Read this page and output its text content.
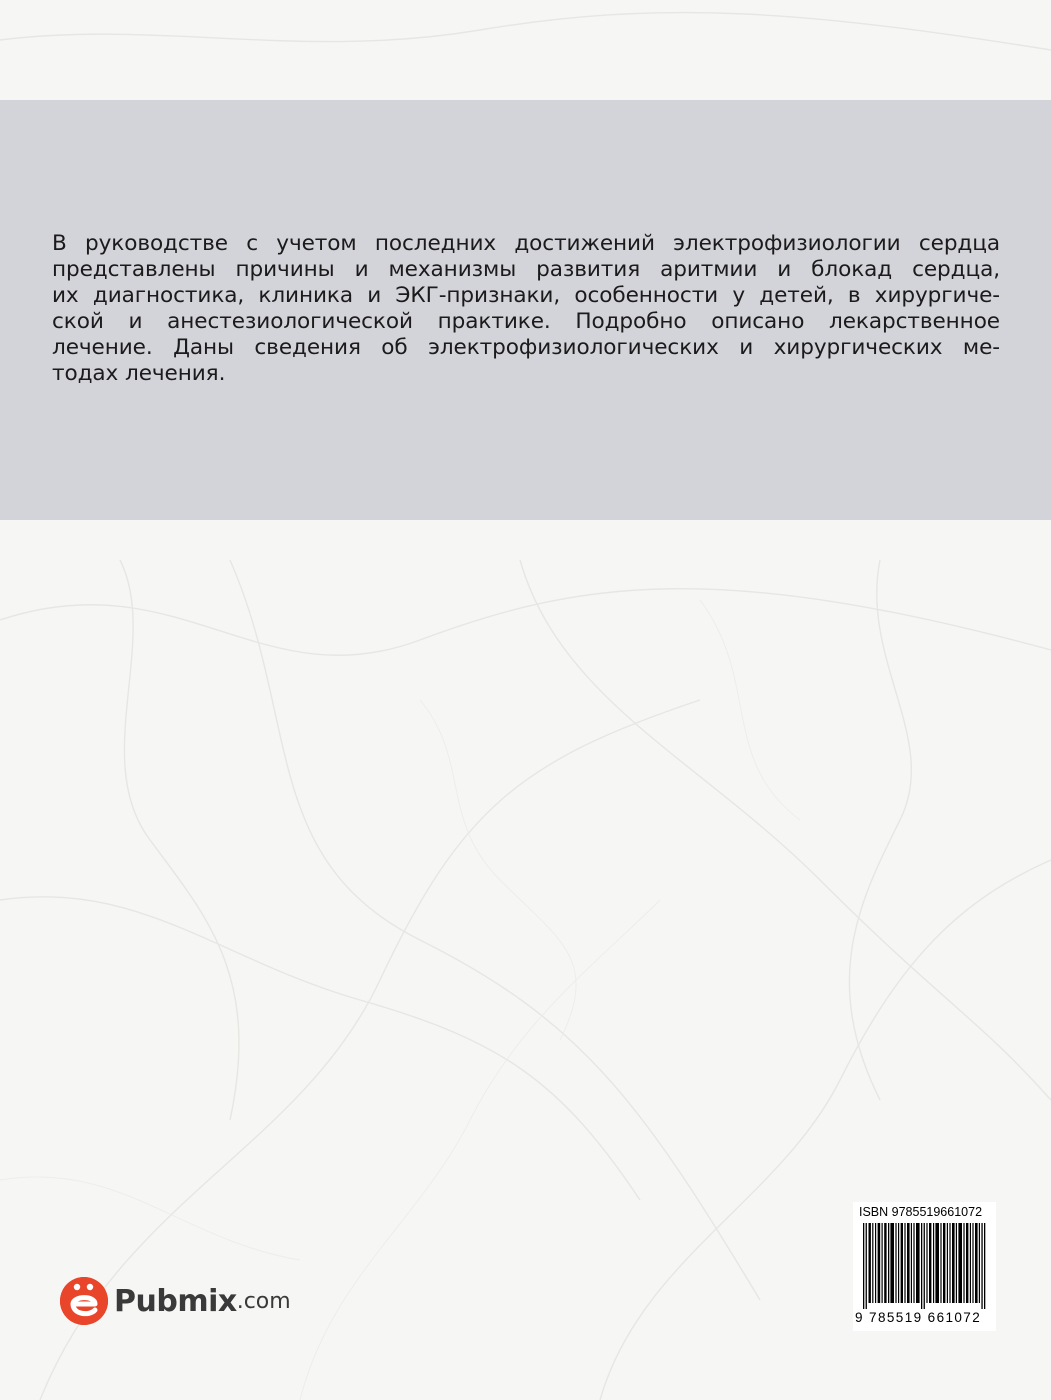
В руководстве с учетом последних достижений электрофизиологии сердца
представлены причины и механизмы развития аритмии и блокад сердца,
их диагностика, клиника и ЭКГ-признаки, особенности у детей, в хирургиче-
ской и анестезиологической практике. Подробно описано лекарственное
лечение. Даны сведения об электрофизиологических и хирургических ме-
тодах лечения.

Pubmix .com
ISBN 9785519661072
9 785519 661072
